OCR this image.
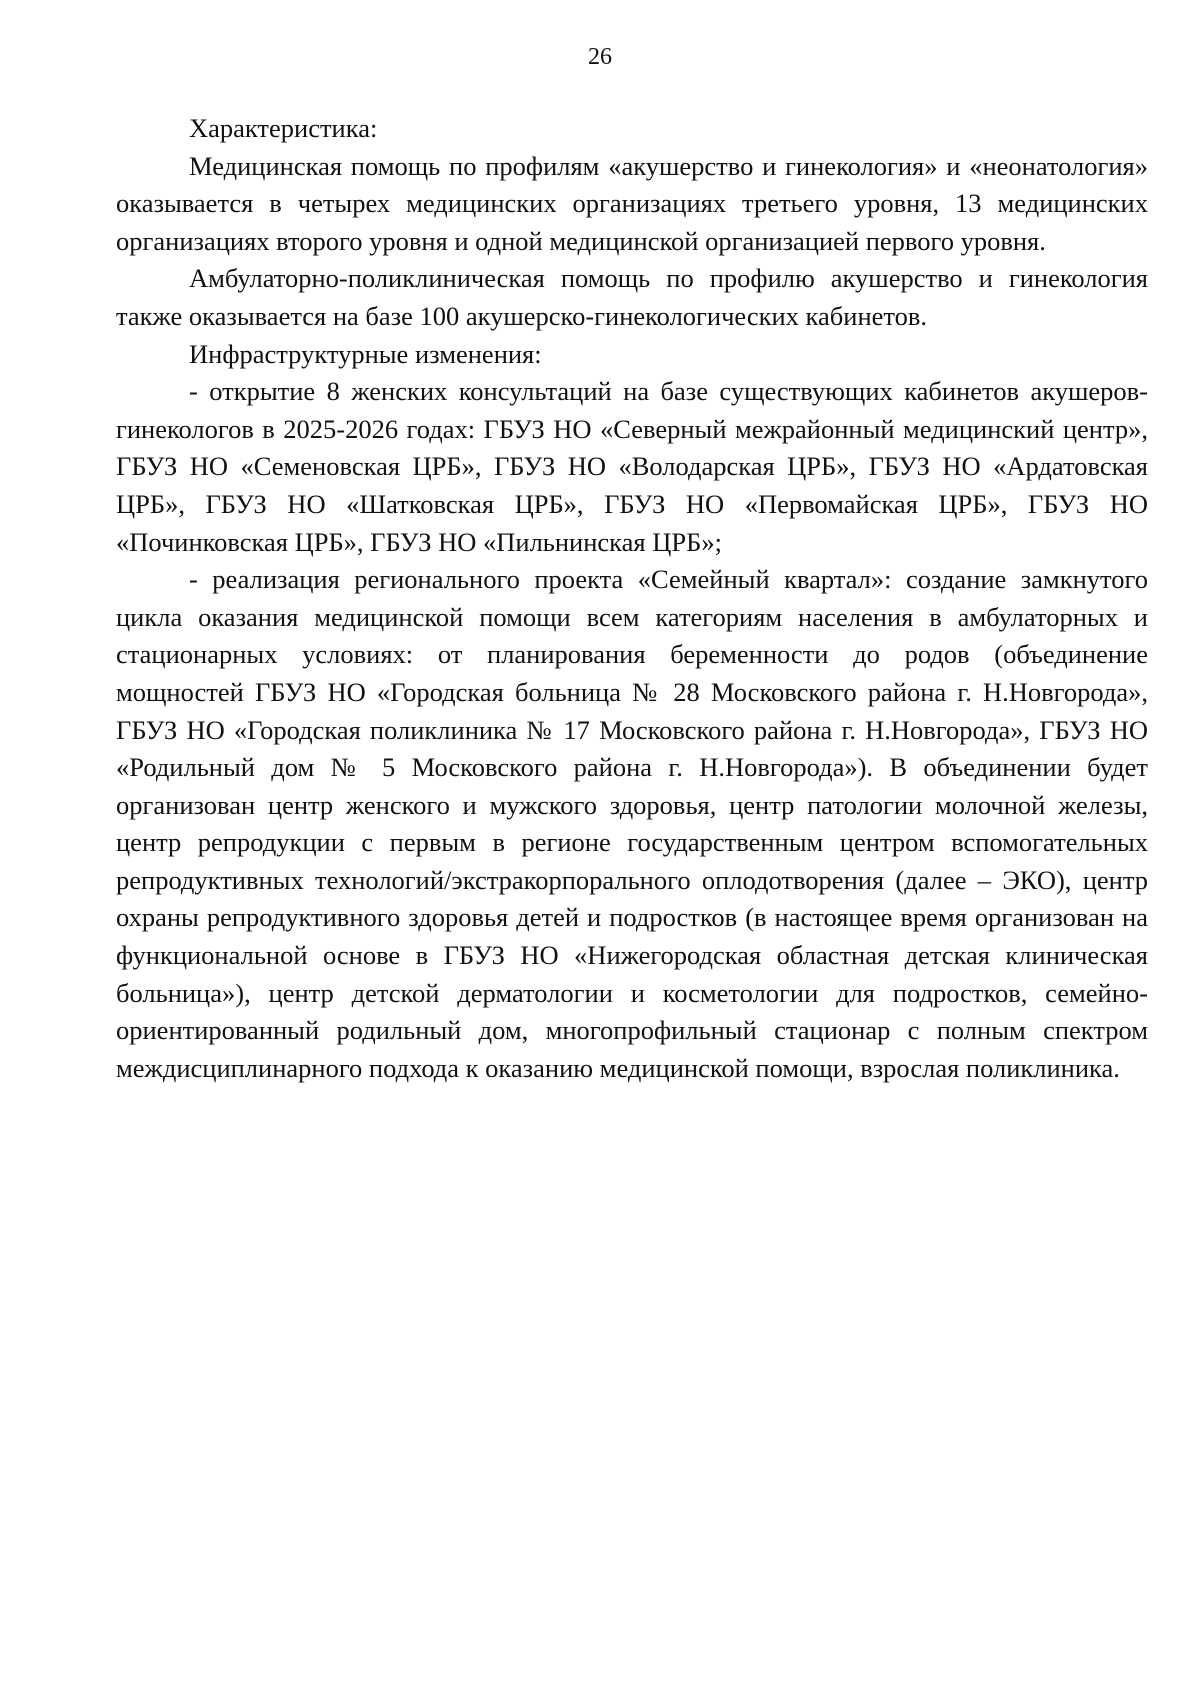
26

Характеристика:

Медицинская помощь по профилям «акушерство и гинекология» и «неонатология» оказывается в четырех медицинских организациях третьего уровня, 13 медицинских организациях второго уровня и одной медицинской организацией первого уровня.

Амбулаторно-поликлиническая помощь по профилю акушерство и гинекология также оказывается на базе 100 акушерско-гинекологических кабинетов.

Инфраструктурные изменения:

- открытие 8 женских консультаций на базе существующих кабинетов акушеров-гинекологов в 2025-2026 годах: ГБУЗ НО «Северный межрайонный медицинский центр», ГБУЗ НО «Семеновская ЦРБ», ГБУЗ НО «Володарская ЦРБ», ГБУЗ НО «Ардатовская ЦРБ», ГБУЗ НО «Шатковская ЦРБ», ГБУЗ НО «Первомайская ЦРБ», ГБУЗ НО «Починковская ЦРБ», ГБУЗ НО «Пильнинская ЦРБ»;

- реализация регионального проекта «Семейный квартал»: создание замкнутого цикла оказания медицинской помощи всем категориям населения в амбулаторных и стационарных условиях: от планирования беременности до родов (объединение мощностей ГБУЗ НО «Городская больница № 28 Московского района г. Н.Новгорода», ГБУЗ НО «Городская поликлиника № 17 Московского района г. Н.Новгорода», ГБУЗ НО «Родильный дом № 5 Московского района г. Н.Новгорода»). В объединении будет организован центр женского и мужского здоровья, центр патологии молочной железы, центр репродукции с первым в регионе государственным центром вспомогательных репродуктивных технологий/экстракорпорального оплодотворения (далее – ЭКО), центр охраны репродуктивного здоровья детей и подростков (в настоящее время организован на функциональной основе в ГБУЗ НО «Нижегородская областная детская клиническая больница»), центр детской дерматологии и косметологии для подростков, семейно-ориентированный родильный дом, многопрофильный стационар с полным спектром междисциплинарного подхода к оказанию медицинской помощи, взрослая поликлиника.
